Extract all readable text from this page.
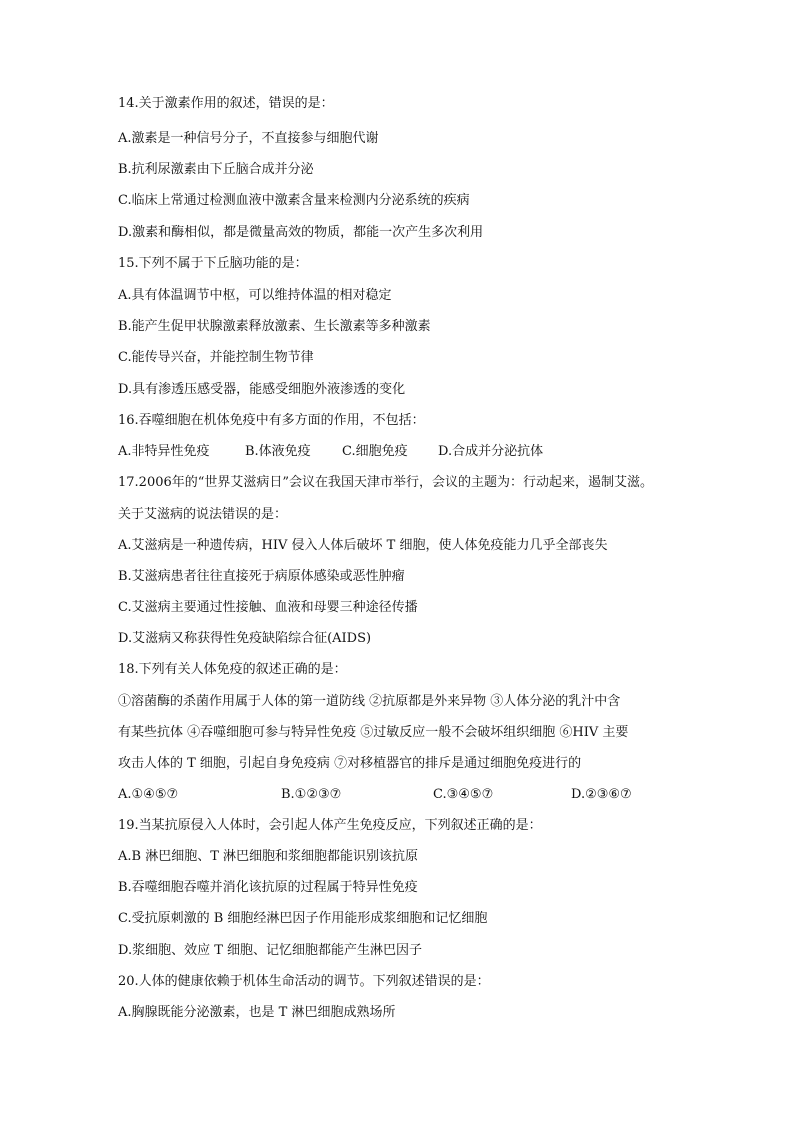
14.关于激素作用的叙述，错误的是：
A.激素是一种信号分子，不直接参与细胞代谢
B.抗利尿激素由下丘脑合成并分泌
C.临床上常通过检测血液中激素含量来检测内分泌系统的疾病
D.激素和酶相似，都是微量高效的物质，都能一次产生多次利用
15.下列不属于下丘脑功能的是：
A.具有体温调节中枢，可以维持体温的相对稳定
B.能产生促甲状腺激素释放激素、生长激素等多种激素
C.能传导兴奋，并能控制生物节律
D.具有渗透压感受器，能感受细胞外液渗透的变化
16.吞噬细胞在机体免疫中有多方面的作用，不包括：
A.非特异性免疫	B.体液免疫 C.细胞免疫 D.合成并分泌抗体
17.2006年的“世界艾滋病日”会议在我国天津市举行，会议的主题为：行动起来，遏制艾滋。
关于艾滋病的说法错误的是：
A.艾滋病是一种遗传病，HIV 侵入人体后破坏 T 细胞，使人体免疫能力几乎全部丧失
B.艾滋病患者往往直接死于病原体感染或恶性肿瘤
C.艾滋病主要通过性接触、血液和母婴三种途径传播
D.艾滋病又称获得性免疫缺陷综合征(AIDS)
18.下列有关人体免疫的叙述正确的是：
①溶菌酶的杀菌作用属于人体的第一道防线 ②抗原都是外来异物 ③人体分泌的乳汁中含
有某些抗体 ④吞噬细胞可参与特异性免疫 ⑤过敏反应一般不会破坏组织细胞 ⑥HIV 主要
攻击人体的 T 细胞，引起自身免疫病 ⑦对移植器官的排斥是通过细胞免疫进行的
A.①④⑤⑦	B.①②③⑦	C.③④⑤⑦	D.②③⑥⑦
19.当某抗原侵入人体时，会引起人体产生免疫反应，下列叙述正确的是：
A.B 淋巴细胞、T 淋巴细胞和浆细胞都能识别该抗原
B.吞噬细胞吞噬并消化该抗原的过程属于特异性免疫
C.受抗原刺激的 B 细胞经淋巴因子作用能形成浆细胞和记忆细胞
D.浆细胞、效应 T 细胞、记忆细胞都能产生淋巴因子
20.人体的健康依赖于机体生命活动的调节。下列叙述错误的是：
A.胸腺既能分泌激素，也是 T 淋巴细胞成熟场所
